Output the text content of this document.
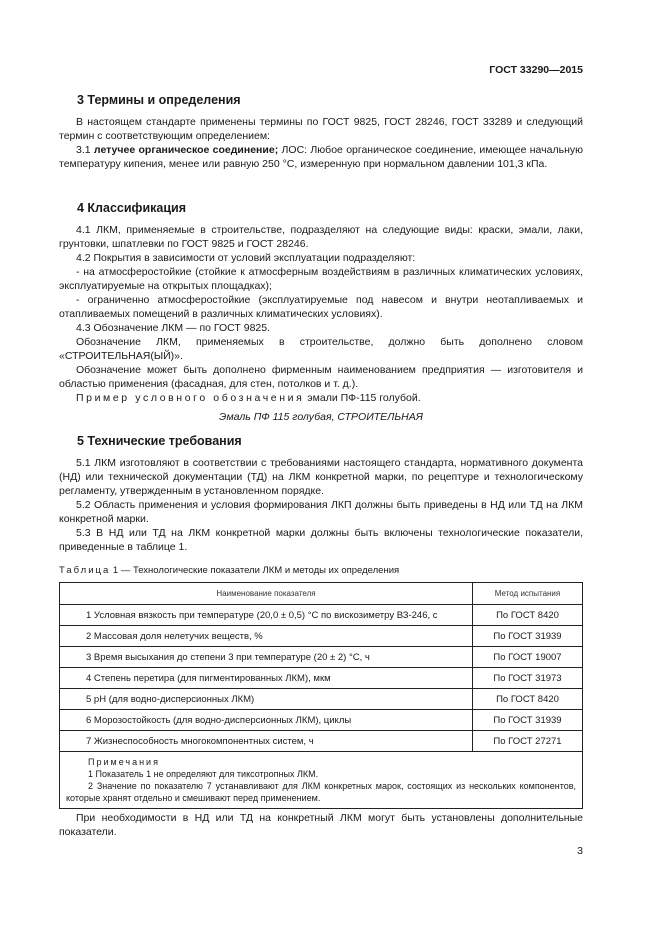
ГОСТ 33290—2015
3 Термины и определения

В настоящем стандарте применены термины по ГОСТ 9825, ГОСТ 28246, ГОСТ 33289 и следующий термин с соответствующим определением:

3.1 летучее органическое соединение; ЛОС: Любое органическое соединение, имеющее начальную температуру кипения, менее или равную 250 °С, измеренную при нормальном давлении 101,3 кПа.

4 Классификация

4.1 ЛКМ, применяемые в строительстве, подразделяют на следующие виды: краски, эмали, лаки, грунтовки, шпатлевки по ГОСТ 9825 и ГОСТ 28246.

4.2 Покрытия в зависимости от условий эксплуатации подразделяют:

- на атмосферостойкие (стойкие к атмосферным воздействиям в различных климатических условиях, эксплуатируемые на открытых площадках);

- ограниченно атмосферостойкие (эксплуатируемые под навесом и внутри неотапливаемых и отапливаемых помещений в различных климатических условиях).

4.3 Обозначение ЛКМ — по ГОСТ 9825.

Обозначение ЛКМ, применяемых в строительстве, должно быть дополнено словом «СТРОИТЕЛЬНАЯ(ЫЙ)».

Обозначение может быть дополнено фирменным наименованием предприятия — изготовителя и областью применения (фасадная, для стен, потолков и т. д.).

Пример условного обозначения эмали ПФ-115 голубой.

Эмаль ПФ 115 голубая, СТРОИТЕЛЬНАЯ

5 Технические требования

5.1 ЛКМ изготовляют в соответствии с требованиями настоящего стандарта, нормативного документа (НД) или технической документации (ТД) на ЛКМ конкретной марки, по рецептуре и технологическому регламенту, утвержденным в установленном порядке.

5.2 Область применения и условия формирования ЛКП должны быть приведены в НД или ТД на ЛКМ конкретной марки.

5.3 В НД или ТД на ЛКМ конкретной марки должны быть включены технологические показатели, приведенные в таблице 1.

Таблица 1 — Технологические показатели ЛКМ и методы их определения
Наименование показателя	Метод испытания
1 Условная вязкость при температуре (20,0 ± 0,5) °С по вискозиметру ВЗ-246, с	По ГОСТ 8420
2 Массовая доля нелетучих веществ, %	По ГОСТ 31939
3 Время высыхания до степени 3 при температуре (20 ± 2) °С, ч	По ГОСТ 19007
4 Степень перетира (для пигментированных ЛКМ), мкм	По ГОСТ 31973
5 pH (для водно-дисперсионных ЛКМ)	По ГОСТ 8420
6 Морозостойкость (для водно-дисперсионных ЛКМ), циклы	По ГОСТ 31939
7 Жизнеспособность многокомпонентных систем, ч	По ГОСТ 27271

Примечания
1 Показатель 1 не определяют для тиксотропных ЛКМ.
2 Значение по показателю 7 устанавливают для ЛКМ конкретных марок, состоящих из нескольких компонентов, которые хранят отдельно и смешивают перед применением.	

При необходимости в НД или ТД на конкретный ЛКМ могут быть установлены дополнительные показатели.

3
